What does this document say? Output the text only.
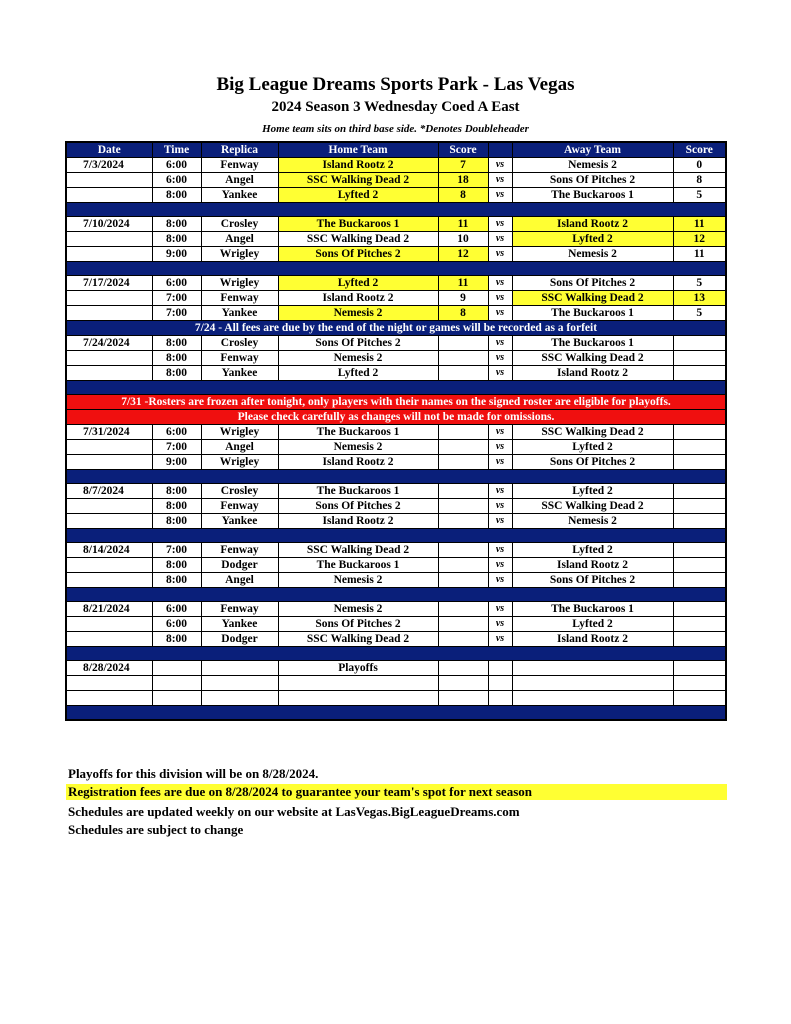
Big League Dreams Sports Park - Las Vegas
2024 Season 3 Wednesday Coed A East
Home team sits on third base side. *Denotes Doubleheader
Date	Time	Replica	Home Team	Score		Away Team	Score
7/3/2024	6:00	Fenway	Island Rootz 2	7	vs	Nemesis 2	0
	6:00	Angel	SSC Walking Dead 2	18	vs	Sons Of Pitches 2	8
	8:00	Yankee	Lyfted 2	8	vs	The Buckaroos 1	5

7/10/2024	8:00	Crosley	The Buckaroos 1	11	vs	Island Rootz 2	11
	8:00	Angel	SSC Walking Dead 2	10	vs	Lyfted 2	12
	9:00	Wrigley	Sons Of Pitches 2	12	vs	Nemesis 2	11

7/17/2024	6:00	Wrigley	Lyfted 2	11	vs	Sons Of Pitches 2	5
	7:00	Fenway	Island Rootz 2	9	vs	SSC Walking Dead 2	13
	7:00	Yankee	Nemesis 2	8	vs	The Buckaroos 1	5
7/24 - All fees are due by the end of the night or games will be recorded as a forfeit							
7/24/2024	8:00	Crosley	Sons Of Pitches 2		vs	The Buckaroos 1	
	8:00	Fenway	Nemesis 2		vs	SSC Walking Dead 2	
	8:00	Yankee	Lyfted 2		vs	Island Rootz 2	

7/31 -Rosters are frozen after tonight, only players with their names on the signed roster are eligible for playoffs.							
Please check carefully as changes will not be made for omissions.							
7/31/2024	6:00	Wrigley	The Buckaroos 1		vs	SSC Walking Dead 2	
	7:00	Angel	Nemesis 2		vs	Lyfted 2	
	9:00	Wrigley	Island Rootz 2		vs	Sons Of Pitches 2	

8/7/2024	8:00	Crosley	The Buckaroos 1		vs	Lyfted 2	
	8:00	Fenway	Sons Of Pitches 2		vs	SSC Walking Dead 2	
	8:00	Yankee	Island Rootz 2		vs	Nemesis 2	

8/14/2024	7:00	Fenway	SSC Walking Dead 2		vs	Lyfted 2	
	8:00	Dodger	The Buckaroos 1		vs	Island Rootz 2	
	8:00	Angel	Nemesis 2		vs	Sons Of Pitches 2	

8/21/2024	6:00	Fenway	Nemesis 2		vs	The Buckaroos 1	
	6:00	Yankee	Sons Of Pitches 2		vs	Lyfted 2	
	8:00	Dodger	SSC Walking Dead 2		vs	Island Rootz 2	

8/28/2024			Playoffs				

Playoffs for this division will be on 8/28/2024.
Registration fees are due on 8/28/2024 to guarantee your team's spot for next season
Schedules are updated weekly on our website at LasVegas.BigLeagueDreams.com
Schedules are subject to change
